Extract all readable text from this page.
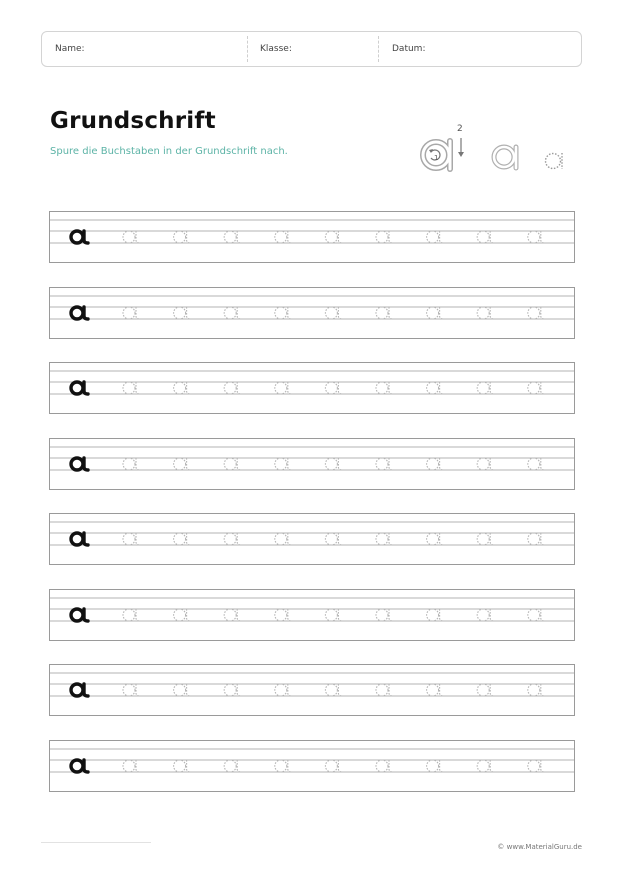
Name:	Klasse:	Datum:
Grundschrift
Spure die Buchstaben in der Grundschrift nach.
1
2
© www.MaterialGuru.de
